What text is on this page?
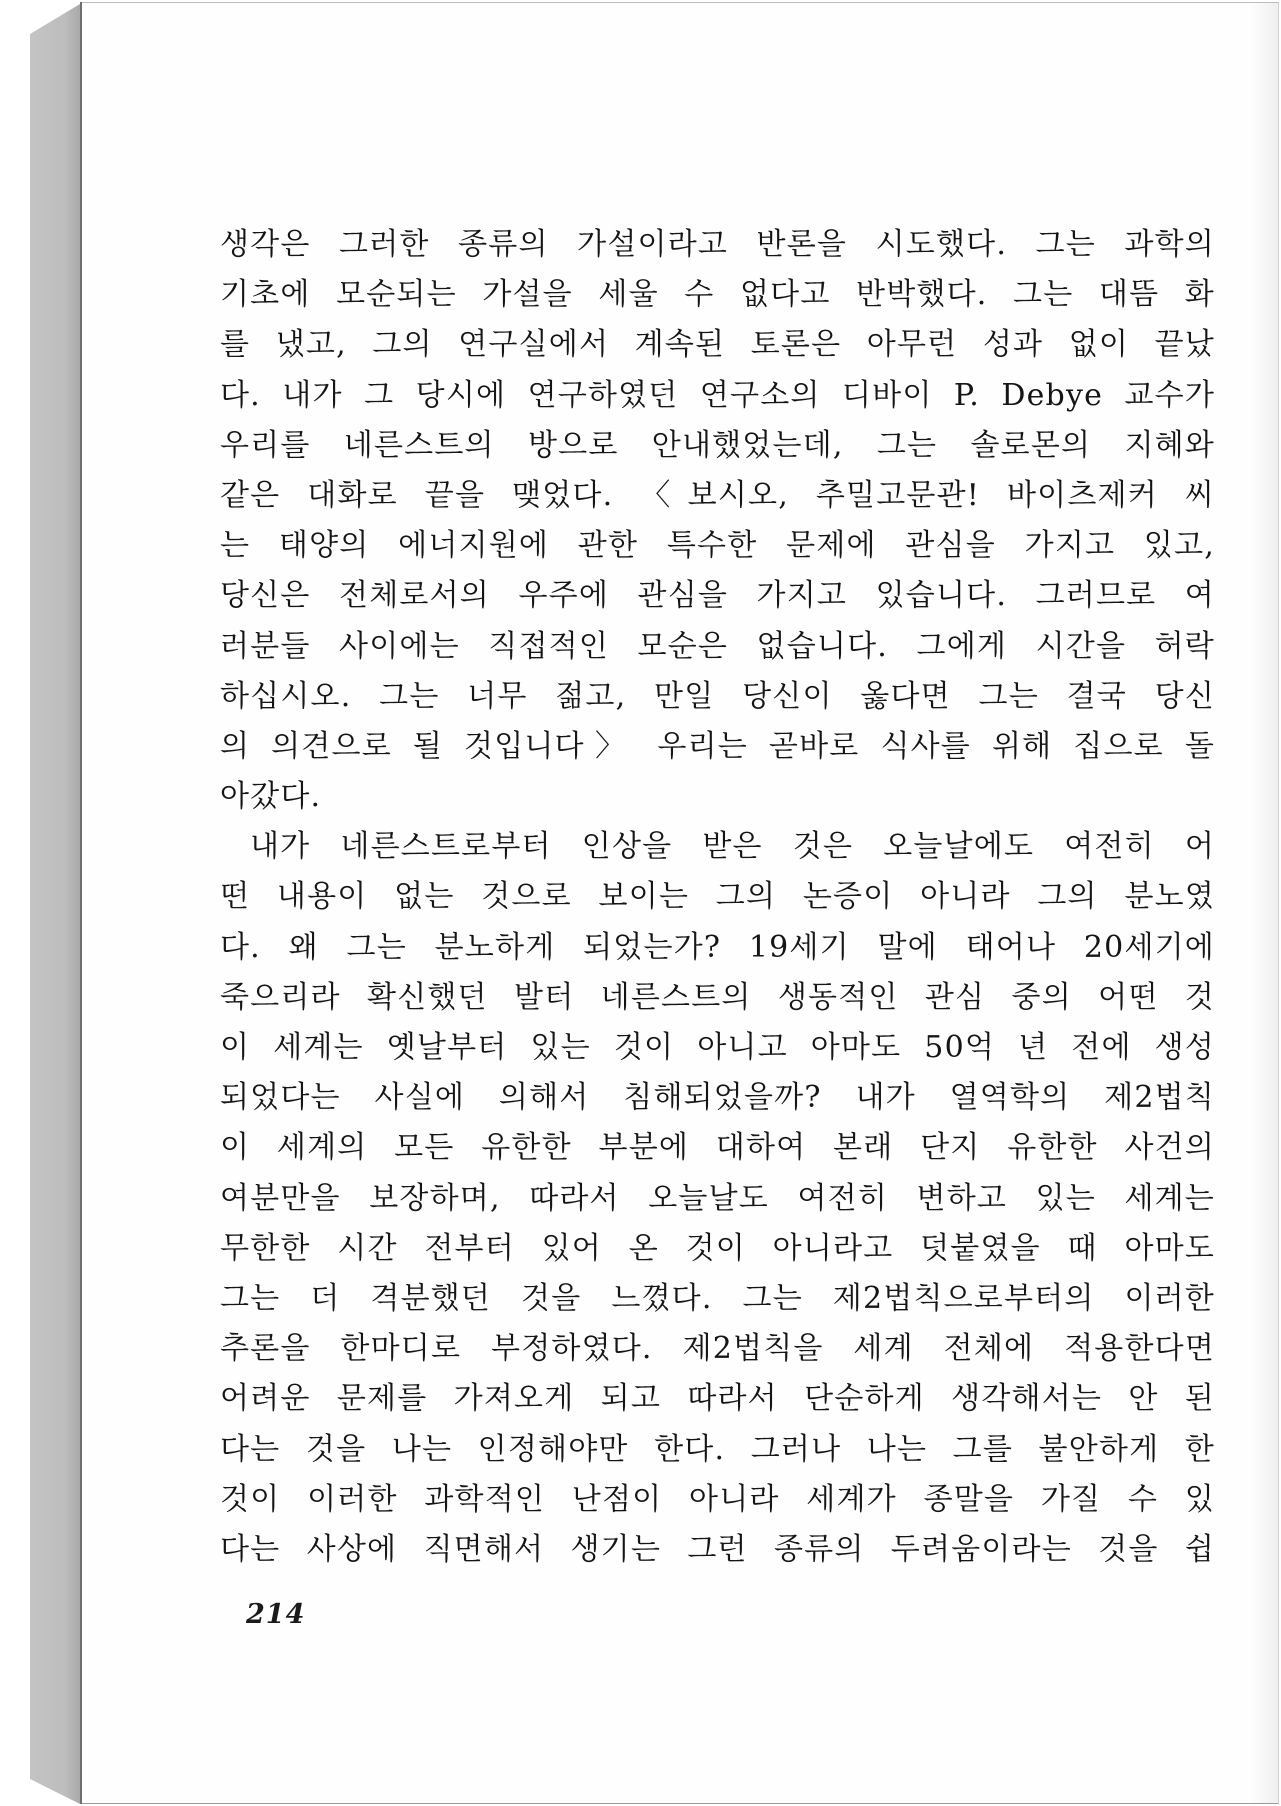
생각은 그러한 종류의 가설이라고 반론을 시도했다. 그는 과학의
기초에 모순되는 가설을 세울 수 없다고 반박했다. 그는 대뜸 화
를 냈고, 그의 연구실에서 계속된 토론은 아무런 성과 없이 끝났
다. 내가 그 당시에 연구하였던 연구소의 디바이 P. Debye 교수가
우리를 네른스트의 방으로 안내했었는데, 그는 솔로몬의 지혜와
같은 대화로 끝을 맺었다. 〈보시오, 추밀고문관! 바이츠제커 씨
는 태양의 에너지원에 관한 특수한 문제에 관심을 가지고 있고,
당신은 전체로서의 우주에 관심을 가지고 있습니다. 그러므로 여
러분들 사이에는 직접적인 모순은 없습니다. 그에게 시간을 허락
하십시오. 그는 너무 젊고, 만일 당신이 옳다면 그는 결국 당신
의 의견으로 될 것입니다〉 우리는 곧바로 식사를 위해 집으로 돌
아갔다.
내가 네른스트로부터 인상을 받은 것은 오늘날에도 여전히 어
떤 내용이 없는 것으로 보이는 그의 논증이 아니라 그의 분노였
다. 왜 그는 분노하게 되었는가? 19세기 말에 태어나 20세기에
죽으리라 확신했던 발터 네른스트의 생동적인 관심 중의 어떤 것
이 세계는 옛날부터 있는 것이 아니고 아마도 50억 년 전에 생성
되었다는 사실에 의해서 침해되었을까? 내가 열역학의 제2법칙
이 세계의 모든 유한한 부분에 대하여 본래 단지 유한한 사건의
여분만을 보장하며, 따라서 오늘날도 여전히 변하고 있는 세계는
무한한 시간 전부터 있어 온 것이 아니라고 덧붙였을 때 아마도
그는 더 격분했던 것을 느꼈다. 그는 제2법칙으로부터의 이러한
추론을 한마디로 부정하였다. 제2법칙을 세계 전체에 적용한다면
어려운 문제를 가져오게 되고 따라서 단순하게 생각해서는 안 된
다는 것을 나는 인정해야만 한다. 그러나 나는 그를 불안하게 한
것이 이러한 과학적인 난점이 아니라 세계가 종말을 가질 수 있
다는 사상에 직면해서 생기는 그런 종류의 두려움이라는 것을 쉽
214
